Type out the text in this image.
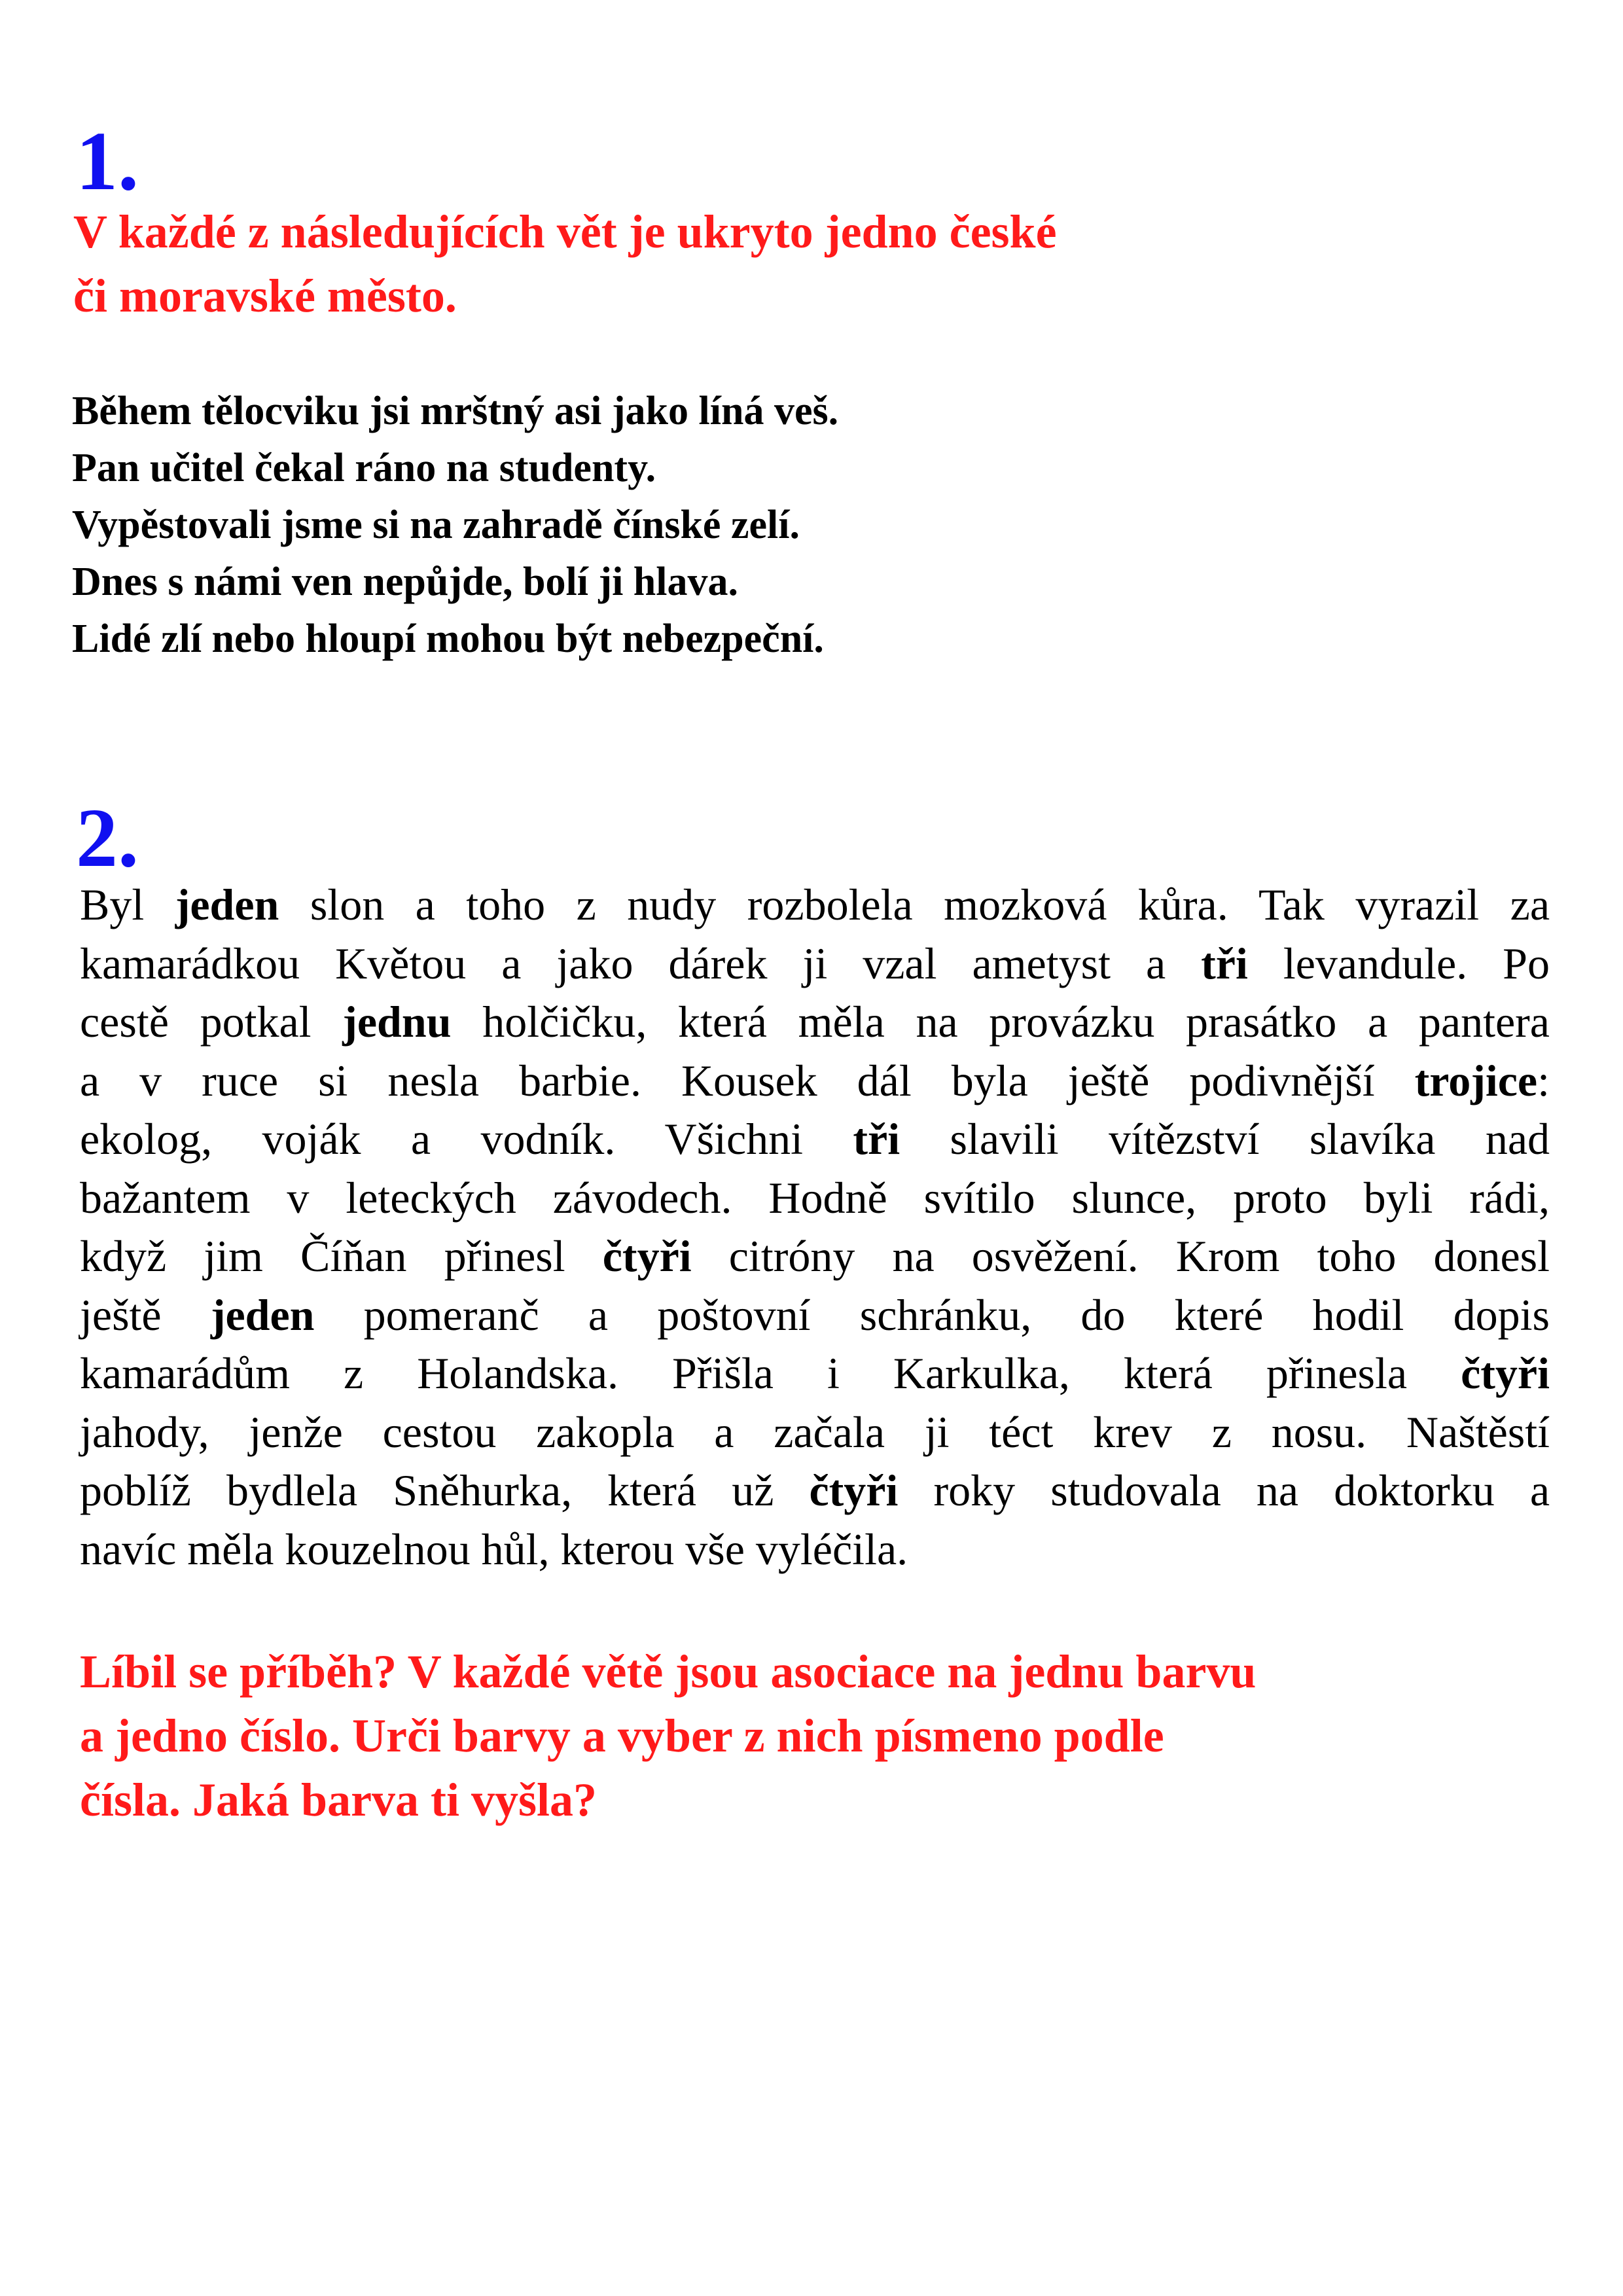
1.

V každé z následujících vět je ukryto jedno české
či moravské město.

Během tělocviku jsi mrštný asi jako líná veš.
Pan učitel čekal ráno na studenty.
Vypěstovali jsme si na zahradě čínské zelí.
Dnes s námi ven nepůjde, bolí ji hlava.
Lidé zlí nebo hloupí mohou být nebezpeční.
2.
Byl jeden slon a toho z nudy rozbolela mozková kůra. Tak vyrazil za
kamarádkou Květou a jako dárek ji vzal ametyst a tři levandule. Po
cestě potkal jednu holčičku, která měla na provázku prasátko a pantera
a v ruce si nesla barbie. Kousek dál byla ještě podivnější trojice:
ekolog, voják a vodník. Všichni tři slavili vítězství slavíka nad
bažantem v leteckých závodech. Hodně svítilo slunce, proto byli rádi,
když jim Číňan přinesl čtyři citróny na osvěžení. Krom toho donesl
ještě jeden pomeranč a poštovní schránku, do které hodil dopis
kamarádům z Holandska. Přišla i Karkulka, která přinesla čtyři
jahody, jenže cestou zakopla a začala ji téct krev z nosu. Naštěstí
poblíž bydlela Sněhurka, která už čtyři roky studovala na doktorku a
navíc měla kouzelnou hůl, kterou vše vyléčila.

Líbil se příběh? V každé větě jsou asociace na jednu barvu
a jedno číslo. Urči barvy a vyber z nich písmeno podle
čísla. Jaká barva ti vyšla?
